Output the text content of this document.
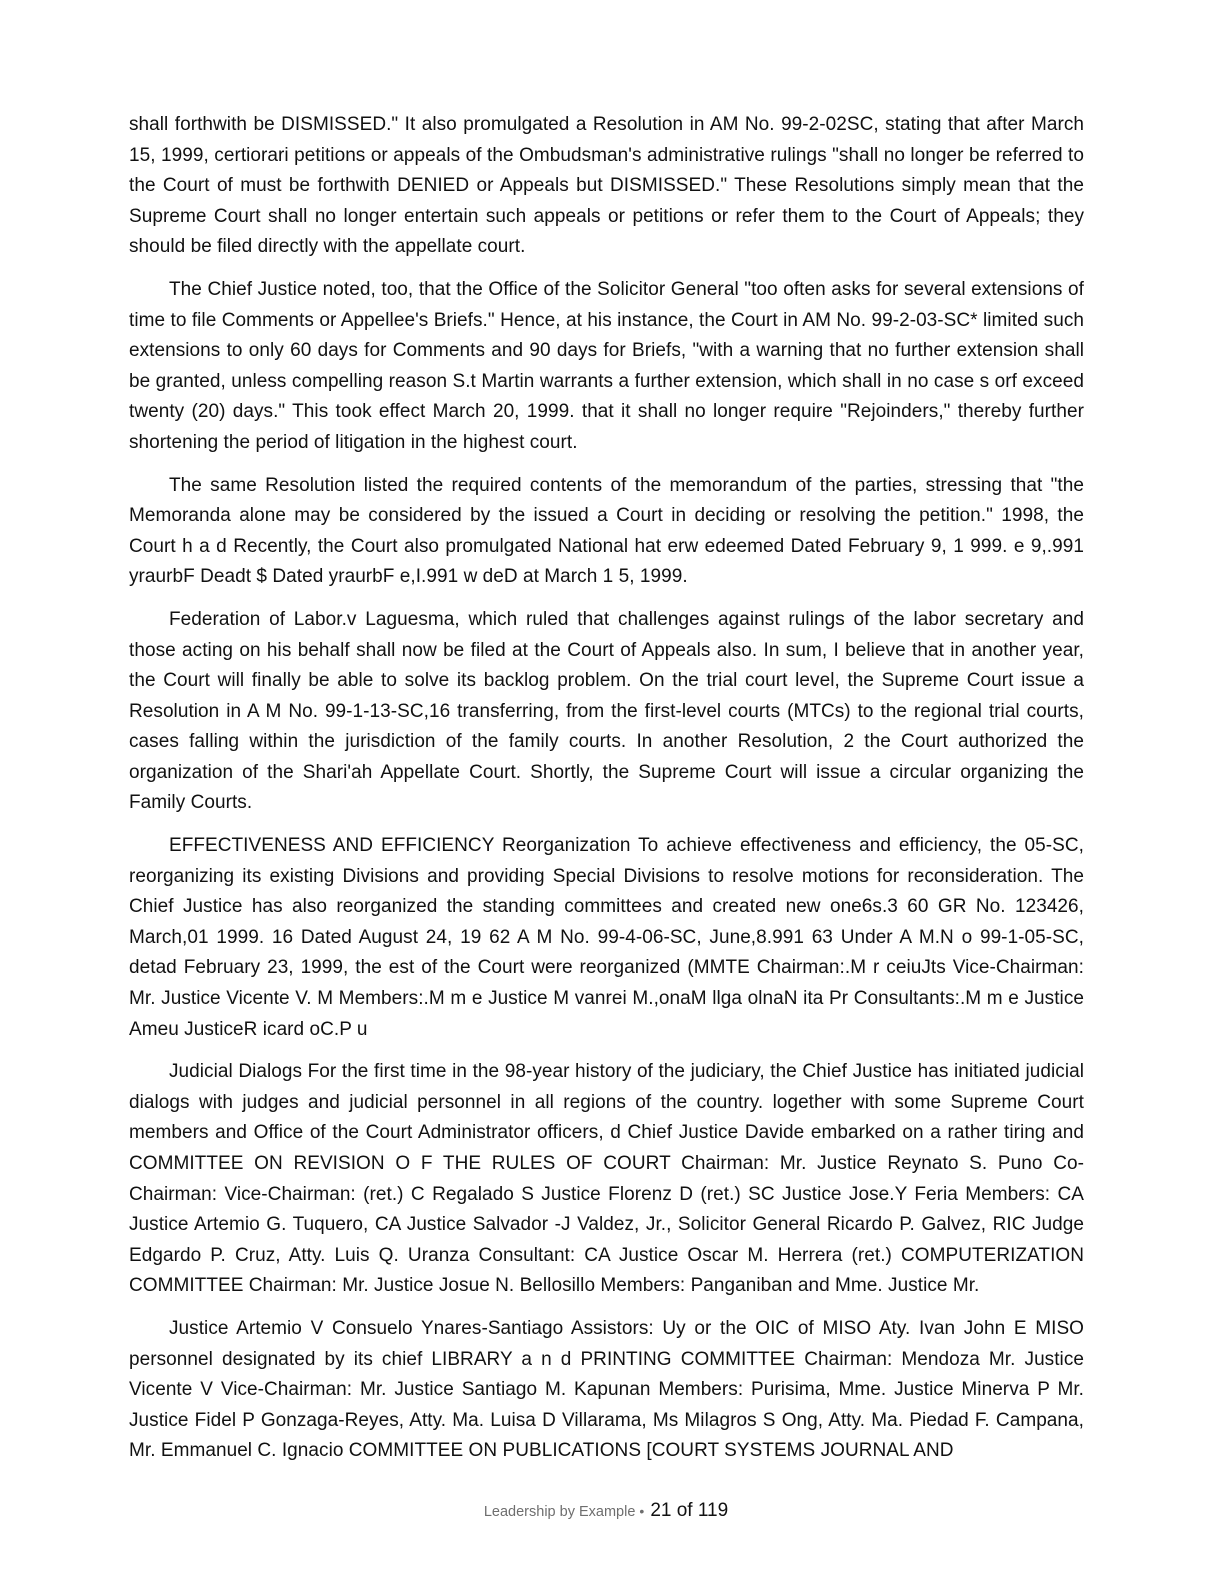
shall forthwith be DISMISSED." It also promulgated a Resolution in AM No. 99-2-02SC, stating that after March 15, 1999, certiorari petitions or appeals of the Ombudsman's administrative rulings "shall no longer be referred to the Court of must be forthwith DENIED or Appeals but DISMISSED." These Resolutions simply mean that the Supreme Court shall no longer entertain such appeals or petitions or refer them to the Court of Appeals; they should be filed directly with the appellate court.

The Chief Justice noted, too, that the Office of the Solicitor General "too often asks for several extensions of time to file Comments or Appellee's Briefs." Hence, at his instance, the Court in AM No. 99-2-03-SC* limited such extensions to only 60 days for Comments and 90 days for Briefs, "with a warning that no further extension shall be granted, unless compelling reason S.t Martin warrants a further extension, which shall in no case s orf exceed twenty (20) days." This took effect March 20, 1999. that it shall no longer require "Rejoinders," thereby further shortening the period of litigation in the highest court.

The same Resolution listed the required contents of the memorandum of the parties, stressing that "the Memoranda alone may be considered by the issued a Court in deciding or resolving the petition." 1998, the Court h a d Recently, the Court also promulgated National hat erw edeemed Dated February 9, 1 999. e 9,.991 yraurbF Deadt $ Dated yraurbF e,I.991 w deD at March 1 5, 1999.

Federation of Labor.v Laguesma, which ruled that challenges against rulings of the labor secretary and those acting on his behalf shall now be filed at the Court of Appeals also. In sum, I believe that in another year, the Court will finally be able to solve its backlog problem. On the trial court level, the Supreme Court issue a Resolution in A M No. 99-1-13-SC,16 transferring, from the first-level courts (MTCs) to the regional trial courts, cases falling within the jurisdiction of the family courts. In another Resolution, 2 the Court authorized the organization of the Shari'ah Appellate Court. Shortly, the Supreme Court will issue a circular organizing the Family Courts.

EFFECTIVENESS AND EFFICIENCY Reorganization To achieve effectiveness and efficiency, the 05-SC, reorganizing its existing Divisions and providing Special Divisions to resolve motions for reconsideration. The Chief Justice has also reorganized the standing committees and created new one6s.3 60 GR No. 123426, March,01 1999. 16 Dated August 24, 19 62 A M No. 99-4-06-SC, June,8.991 63 Under A M.N o 99-1-05-SC, detad February 23, 1999, the est of the Court were reorganized (MMTE Chairman:.M r ceiuJts Vice-Chairman: Mr. Justice Vicente V. M Members:.M m e Justice M vanrei M.,onaM llga olnaN ita Pr Consultants:.M m e Justice Ameu JusticeR icard oC.P u

Judicial Dialogs For the first time in the 98-year history of the judiciary, the Chief Justice has initiated judicial dialogs with judges and judicial personnel in all regions of the country. logether with some Supreme Court members and Office of the Court Administrator officers, d Chief Justice Davide embarked on a rather tiring and COMMITTEE ON REVISION O F THE RULES OF COURT Chairman: Mr. Justice Reynato S. Puno Co-Chairman: Vice-Chairman: (ret.) C Regalado S Justice Florenz D (ret.) SC Justice Jose.Y Feria Members: CA Justice Artemio G. Tuquero, CA Justice Salvador -J Valdez, Jr., Solicitor General Ricardo P. Galvez, RIC Judge Edgardo P. Cruz, Atty. Luis Q. Uranza Consultant: CA Justice Oscar M. Herrera (ret.) COMPUTERIZATION COMMITTEE Chairman: Mr. Justice Josue N. Bellosillo Members: Panganiban and Mme. Justice Mr.

Justice Artemio V Consuelo Ynares-Santiago Assistors: Uy or the OIC of MISO Aty. Ivan John E MISO personnel designated by its chief LIBRARY a n d PRINTING COMMITTEE Chairman: Mendoza Mr. Justice Vicente V Vice-Chairman: Mr. Justice Santiago M. Kapunan Members: Purisima, Mme. Justice Minerva P Mr. Justice Fidel P Gonzaga-Reyes, Atty. Ma. Luisa D Villarama, Ms Milagros S Ong, Atty. Ma. Piedad F. Campana, Mr. Emmanuel C. Ignacio COMMITTEE ON PUBLICATIONS [COURT SYSTEMS JOURNAL AND

Leadership by Example • 21 of 119
